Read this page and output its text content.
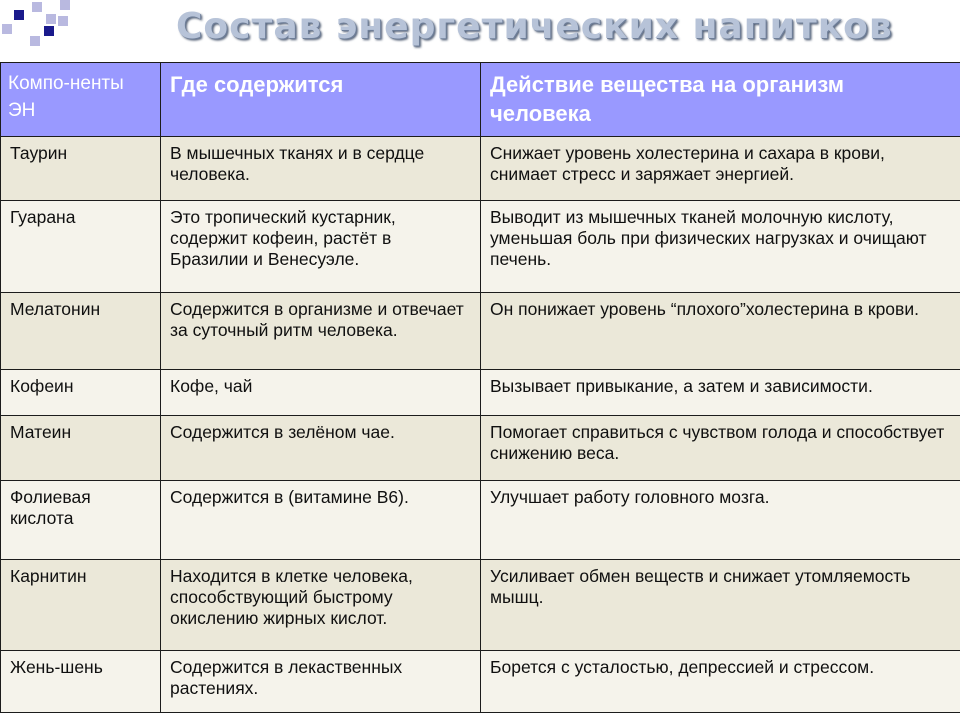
Состав энергетических напитков
Компо-ненты ЭН	Где содержится	Действие вещества на организм человека
Таурин	В мышечных тканях и в сердце человека.	Снижает уровень холестерина и сахара в крови, снимает стресс и заряжает энергией.
Гуарана	Это тропический кустарник, содержит кофеин, растёт в Бразилии и Венесуэле.	Выводит из мышечных тканей молочную кислоту, уменьшая боль при физических нагрузках и очищают печень.
Мелатонин	Содержится в организме и отвечает за суточный ритм человека.	Он понижает уровень “плохого”холестерина в крови.
Кофеин	Кофе, чай	Вызывает привыкание, а затем и зависимости.
Матеин	Содержится в зелёном чае.	Помогает справиться с чувством голода и способствует снижению веса.
Фолиевая кислота	Содержится в (витамине В6).	Улучшает работу головного мозга.
Карнитин	Находится в клетке человека, способствующий быстрому окислению жирных кислот.	Усиливает обмен веществ и снижает утомляемость мышц.
Жень-шень	Содержится в лекаственных растениях.	Борется с усталостью, депрессией и стрессом.
